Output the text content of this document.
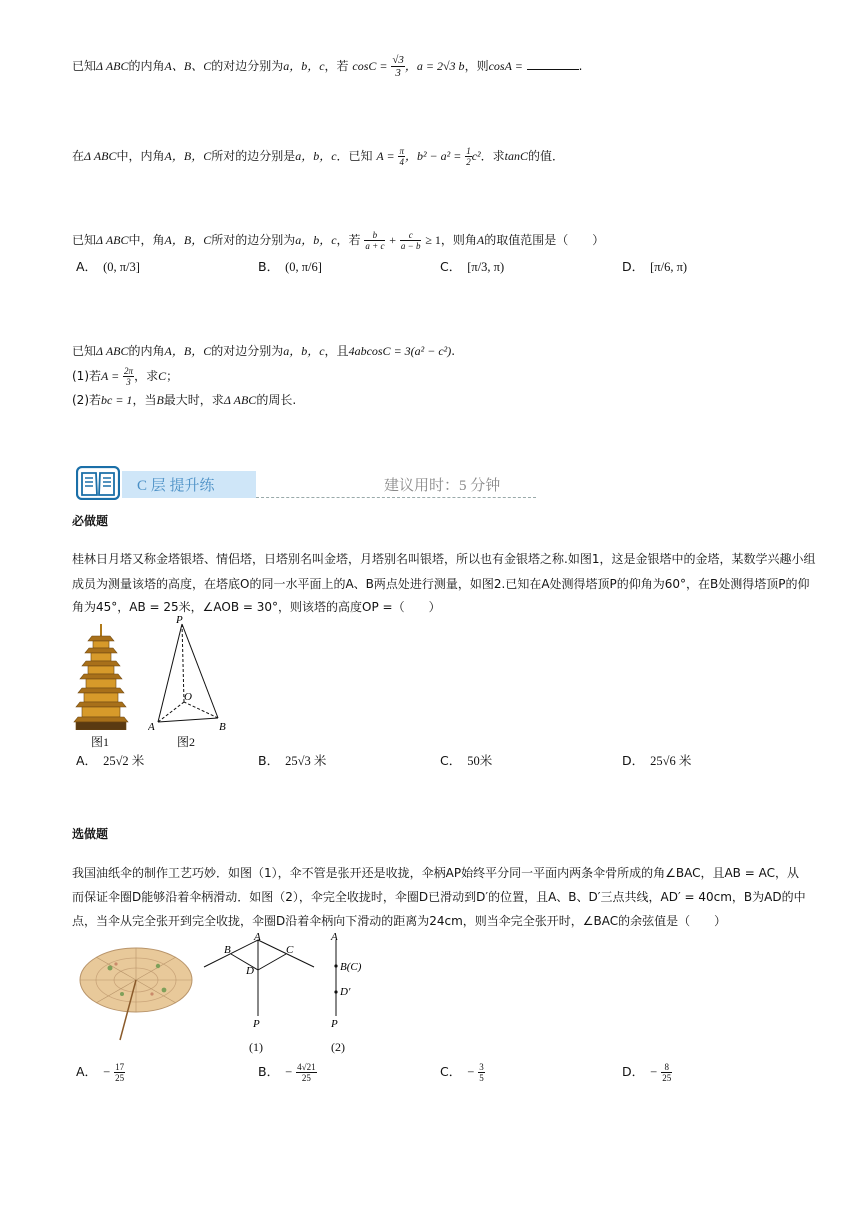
已知Δ ABC的内角A、B、C的对边分别为a，b，c，若 $\cos C = \frac{√3}{3}$ ，a = 2√3 b，则cosA =	.
在Δ ABC中，内角A，B，C所对的边分别是a，b，c．已知 $A = \frac{\pi}{4}$ ，$b^2 - a^2 = \frac{1}{2} c^2$．求tanC的值．
已知Δ ABC中，角A，B，C所对的边分别为a，b，c，若 $\frac{b}{a + c} + \frac{c}{a - b} \ge 1$，则角A的取值范围是（　　）
A． (0, π/3]	B． (0, π/6]	C． [π/3, π)	D． [π/6, π)
已知Δ ABC的内角A，B，C的对边分别为a，b，c，且4abcosC = 3(a² − c²).
(1)若$A = \frac{2\pi}{3}$ ，求C；
(2)若bc = 1，当B最大时，求Δ ABC的周长.
C 层 提升练	建议用时：5 分钟
必做题
桂林日月塔又称金塔银塔、情侣塔，日塔别名叫金塔，月塔别名叫银塔，所以也有金银塔之称.如图1，这是金银塔中的金塔，某数学兴趣小组
成员为测量该塔的高度，在塔底O的同一水平面上的A、B两点处进行测量，如图2.已知在A处测得塔顶P的仰角为60°，在B处测得塔顶P的仰
角为45°，AB = 25米，∠AOB = 30°，则该塔的高度OP =（　　）
图1
P
O
A	B
图2
A． 25√2 米	B． 25√3 米	C． 50米	D． 25√6 米
选做题
我国油纸伞的制作工艺巧妙．如图（1），伞不管是张开还是收拢，伞柄AP始终平分同一平面内两条伞骨所成的角∠BAC，且AB = AC，从
而保证伞圈D能够沿着伞柄滑动．如图（2），伞完全收拢时，伞圈D已滑动到D′的位置，且A、B、D′三点共线，AD′ = 40cm，B为AD的中
点，当伞从完全张开到完全收拢，伞圈D沿着伞柄向下滑动的距离为24cm，则当伞完全张开时，∠BAC的余弦值是（　　）
A
B	C
D
P
(1)
A
B(C)
D′
P
(2)
A． − $\frac{17}{25}$	B． − $\frac{4√21}{25}$	C． − $\frac{3}{5}$	D． − $\frac{8}{25}$
